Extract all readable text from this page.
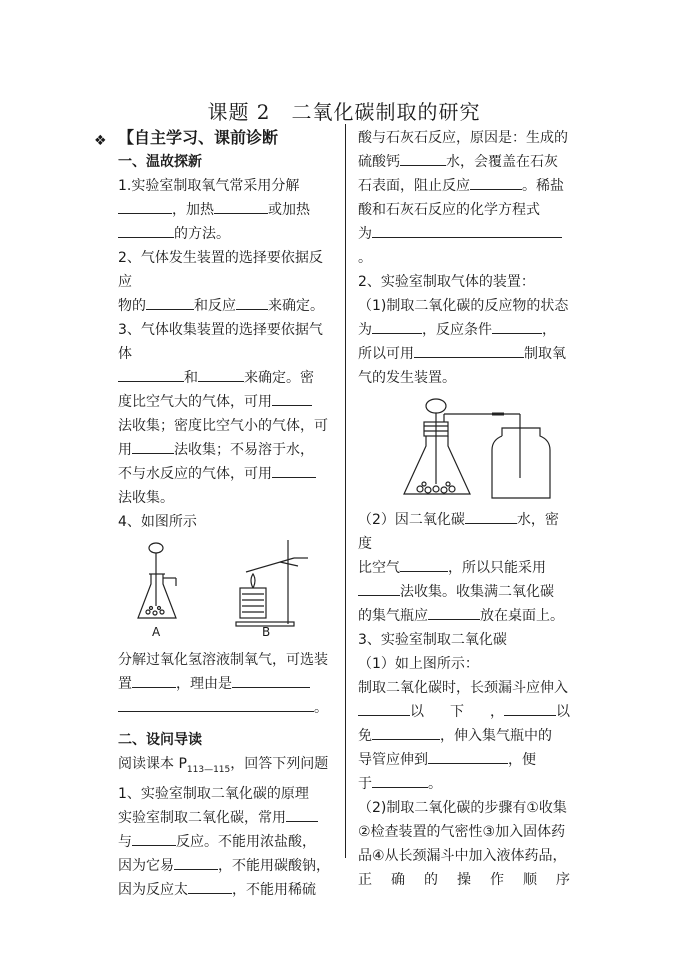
课题 2　二氧化碳制取的研究
❖ 【自主学习、课前诊断

一、温故探新

1.实验室制取氧气常采用分解

，加热	或加热

的方法。

2、气体发生装置的选择要依据反应

物的	和反应 来确定。

3、气体收集装置的选择要依据气体

和	来确定。密

度比空气大的气体，可用

法收集；密度比空气小的气体，可

用	法收集；不易溶于水，

不与水反应的气体，可用

法收集。

4、如图所示

A	B

分解过氧化氢溶液制氧气，可选装

置	，理由是

。

二、设问导读

阅读课本 $P_{113—115}$，回答下列问题

1、实验室制取二氧化碳的原理

实验室制取二氧化碳，常用

与	反应。不能用浓盐酸，

因为它易	，不能用碳酸钠，

因为反应太	，不能用稀硫

酸与石灰石反应，原因是：生成的

硫酸钙	水，会覆盖在石灰

石表面，阻止反应	。稀盐

酸和石灰石反应的化学方程式

为

。

2、实验室制取气体的装置：

（1)制取二氧化碳的反应物的状态

为	，反应条件	，

所以可用	制取氧

气的发生装置。

（2）因二氧化碳	水，密度

比空气	，所以只能采用

法收集。收集满二氧化碳

的集气瓶应	放在桌面上。

3、实验室制取二氧化碳

（1）如上图所示：

制取二氧化碳时，长颈漏斗应伸入

以 下 ，	以

免	，伸入集气瓶中的

导管应伸到	，便

于	。

（2)制取二氧化碳的步骤有①收集

②检查装置的气密性③加入固体药

品④从长颈漏斗中加入液体药品，

正 确 的 操 作 顺 序
